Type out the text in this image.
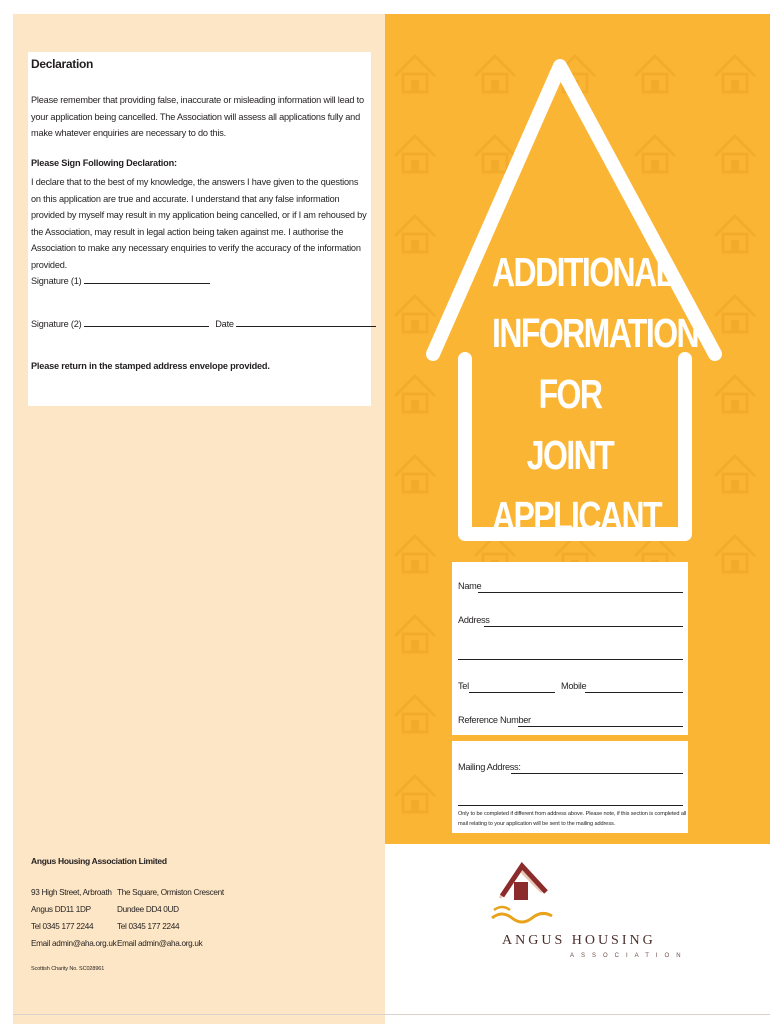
Declaration
Please remember that providing false, inaccurate or misleading information will lead to your application being cancelled. The Association will assess all applications fully and make whatever enquiries are necessary to do this.
Please Sign Following Declaration:
I declare that to the best of my knowledge, the answers I have given to the questions on this application are true and accurate. I understand that any false information provided by myself may result in my application being cancelled, or if I am rehoused by the Association, may result in legal action being taken against me. I authorise the Association to make any necessary enquiries to verify the accuracy of the information provided.
Signature (1)
Signature (2)	Date
Please return in the stamped address envelope provided.
Angus Housing Association Limited
93 High Street, Arbroath
Angus DD11 1DP
Tel 0345 177 2244
Email admin@aha.org.uk
The Square, Ormiston Crescent
Dundee DD4 0UD
Tel 0345 177 2244
Email admin@aha.org.uk
Scottish Charity No. SC028961
ADDITIONAL
INFORMATION
FOR JOINT
APPLICANT
Name
Address
Tel	Mobile
Reference Number
Mailing Address:
Only to be completed if different from address above. Please note, if this section is completed all mail relating to your application will be sent to the mailing address.
ANGUS HOUSING
ASSOCIATION
